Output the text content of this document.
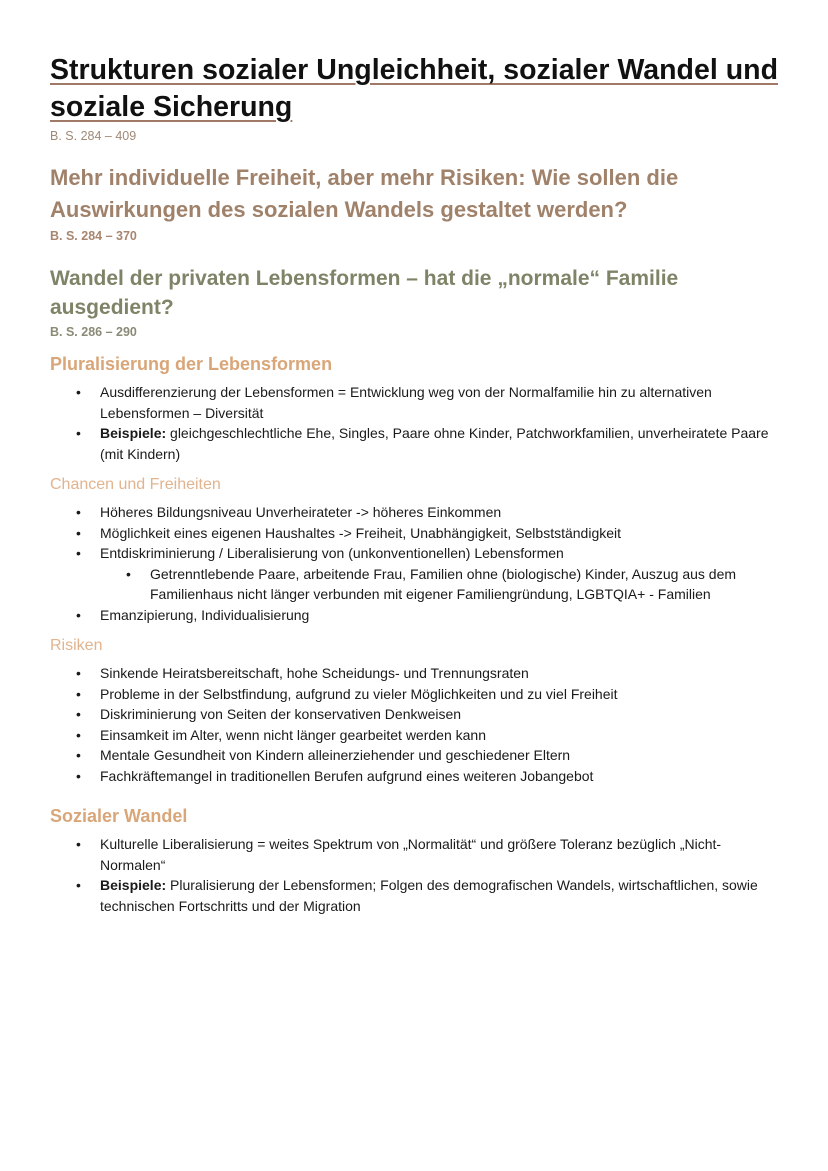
Strukturen sozialer Ungleichheit, sozialer Wandel und soziale Sicherung
B. S. 284 – 409
Mehr individuelle Freiheit, aber mehr Risiken: Wie sollen die Auswirkungen des sozialen Wandels gestaltet werden?
B. S. 284 – 370
Wandel der privaten Lebensformen – hat die „normale“ Familie ausgedient?
B. S. 286 – 290
Pluralisierung der Lebensformen
• Ausdifferenzierung der Lebensformen = Entwicklung weg von der Normalfamilie hin zu alternativen Lebensformen – Diversität
• Beispiele: gleichgeschlechtliche Ehe, Singles, Paare ohne Kinder, Patchworkfamilien, unverheiratete Paare (mit Kindern)
Chancen und Freiheiten
• Höheres Bildungsniveau Unverheirateter -> höheres Einkommen
• Möglichkeit eines eigenen Haushaltes -> Freiheit, Unabhängigkeit, Selbstständigkeit
• Entdiskriminierung / Liberalisierung von (unkonventionellen) Lebensformen
• Getrenntlebende Paare, arbeitende Frau, Familien ohne (biologische) Kinder, Auszug aus dem Familienhaus nicht länger verbunden mit eigener Familiengründung, LGBTQIA+ - Familien
• Emanzipierung, Individualisierung
Risiken
• Sinkende Heiratsbereitschaft, hohe Scheidungs- und Trennungsraten
• Probleme in der Selbstfindung, aufgrund zu vieler Möglichkeiten und zu viel Freiheit
• Diskriminierung von Seiten der konservativen Denkweisen
• Einsamkeit im Alter, wenn nicht länger gearbeitet werden kann
• Mentale Gesundheit von Kindern alleinerziehender und geschiedener Eltern
• Fachkräftemangel in traditionellen Berufen aufgrund eines weiteren Jobangebot
Sozialer Wandel
• Kulturelle Liberalisierung = weites Spektrum von „Normalität“ und größere Toleranz bezüglich „Nicht-Normalen“
• Beispiele: Pluralisierung der Lebensformen; Folgen des demografischen Wandels, wirtschaftlichen, sowie technischen Fortschritts und der Migration
